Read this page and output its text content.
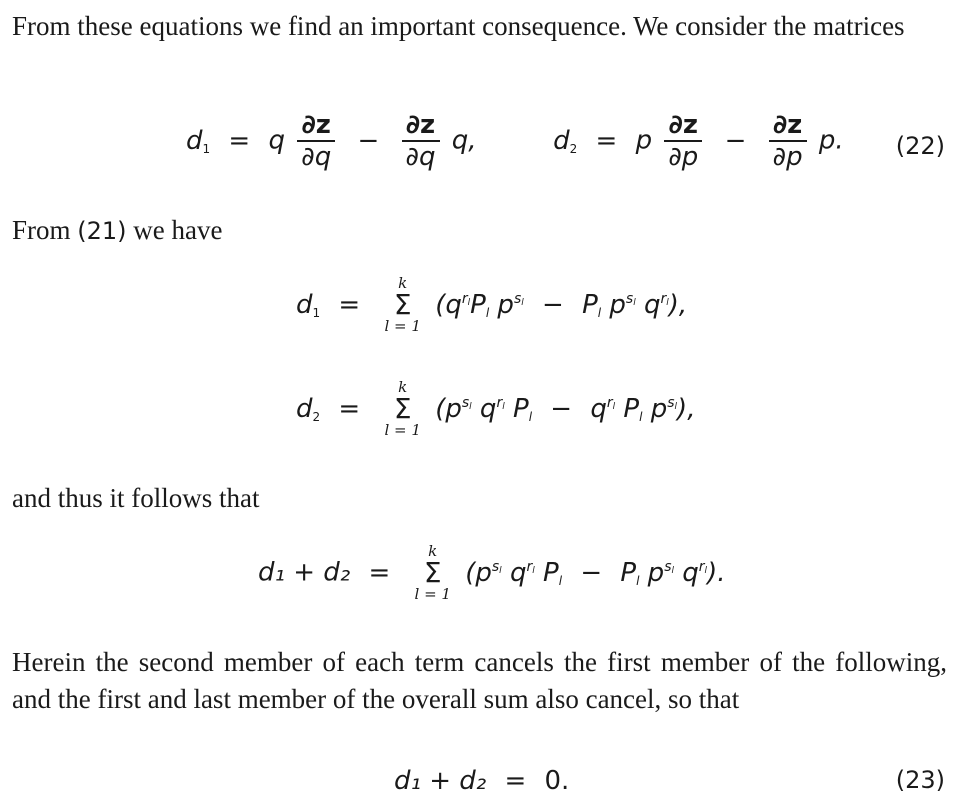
From these equations we find an important consequence. We consider the matrices
$d_1 = q \frac{\partial z}{\partial q} - \frac{\partial z}{\partial q} q$,	$d_2 = p \frac{\partial z}{\partial p} - \frac{\partial z}{\partial p} p$. (22)
From (21) we have
$d_1$ =
k
Σ
l = 1
($q^{r_l}P_l$ $p^{s_l} - P_l$ $p^{s_l}$ $q^{r_l}$),
$d_2$ =
k
Σ
l = 1
($p^{s_l}$ $q^{r_l}$ $P_l - q^{r_l}$ $P_l$ $p^{s_l}$),
and thus it follows that
d₁ + d₂ =
k
Σ
l = 1
($p^{s_l}$ $q^{r_l}$ $P_l - P_l$ $p^{s_l}$ $q^{r_l}$).
Herein the second member of each term cancels the first member of the following, and the first and last member of the overall sum also cancel, so that
d₁ + d₂ = 0.	(23)
